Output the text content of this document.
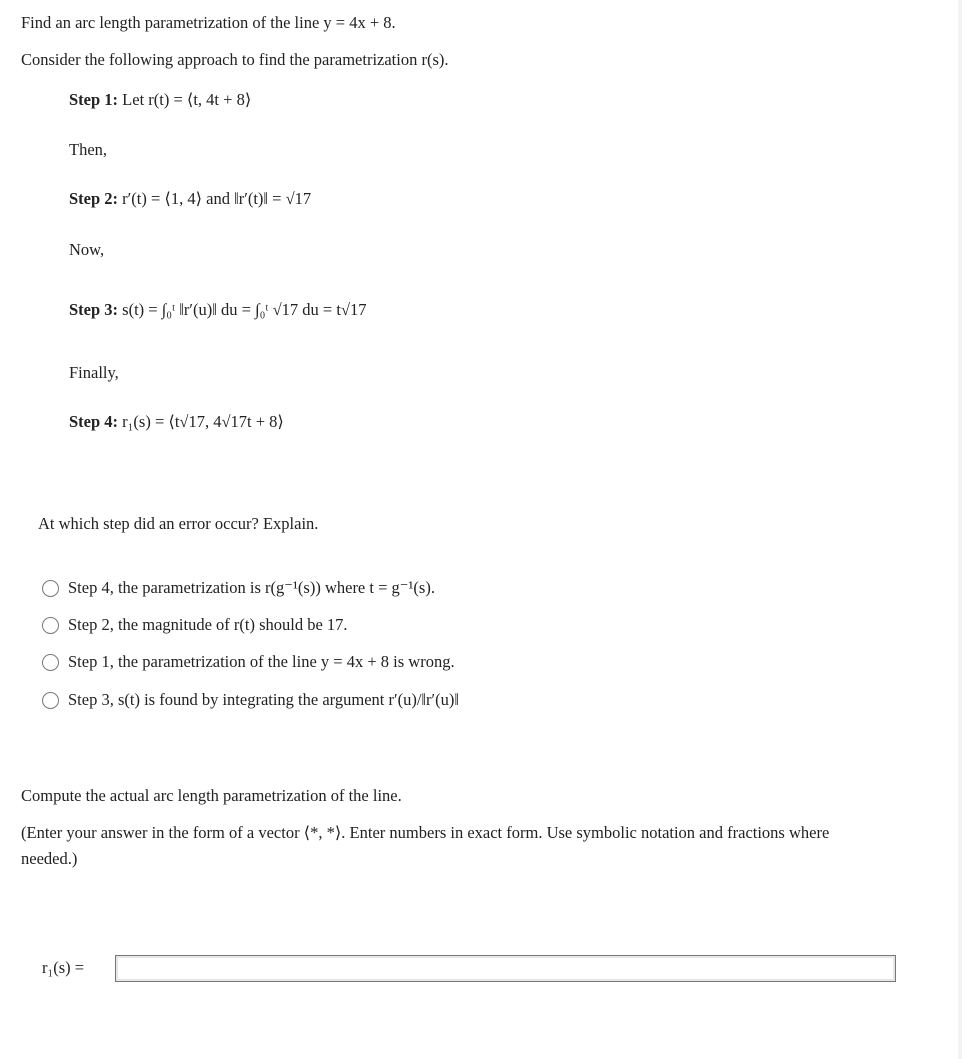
Find an arc length parametrization of the line y = 4x + 8.
Consider the following approach to find the parametrization r(s).
Step 1: Let r(t) = ⟨t, 4t + 8⟩
Then,
Step 2: r′(t) = ⟨1, 4⟩ and ‖r′(t)‖ = √17
Now,
Step 3: s(t) = ∫₀ᵗ ‖r′(u)‖ du = ∫₀ᵗ √17 du = t√17
Finally,
Step 4: r₁(s) = ⟨t√17, 4√17t + 8⟩
At which step did an error occur? Explain.
Step 4, the parametrization is r(g⁻¹(s)) where t = g⁻¹(s).
Step 2, the magnitude of r(t) should be 17.
Step 1, the parametrization of the line y = 4x + 8 is wrong.
Step 3, s(t) is found by integrating the argument r′(u)/‖r′(u)‖
Compute the actual arc length parametrization of the line.
(Enter your answer in the form of a vector ⟨*, *⟩. Enter numbers in exact form. Use symbolic notation and fractions where
needed.)
r₁(s) =
